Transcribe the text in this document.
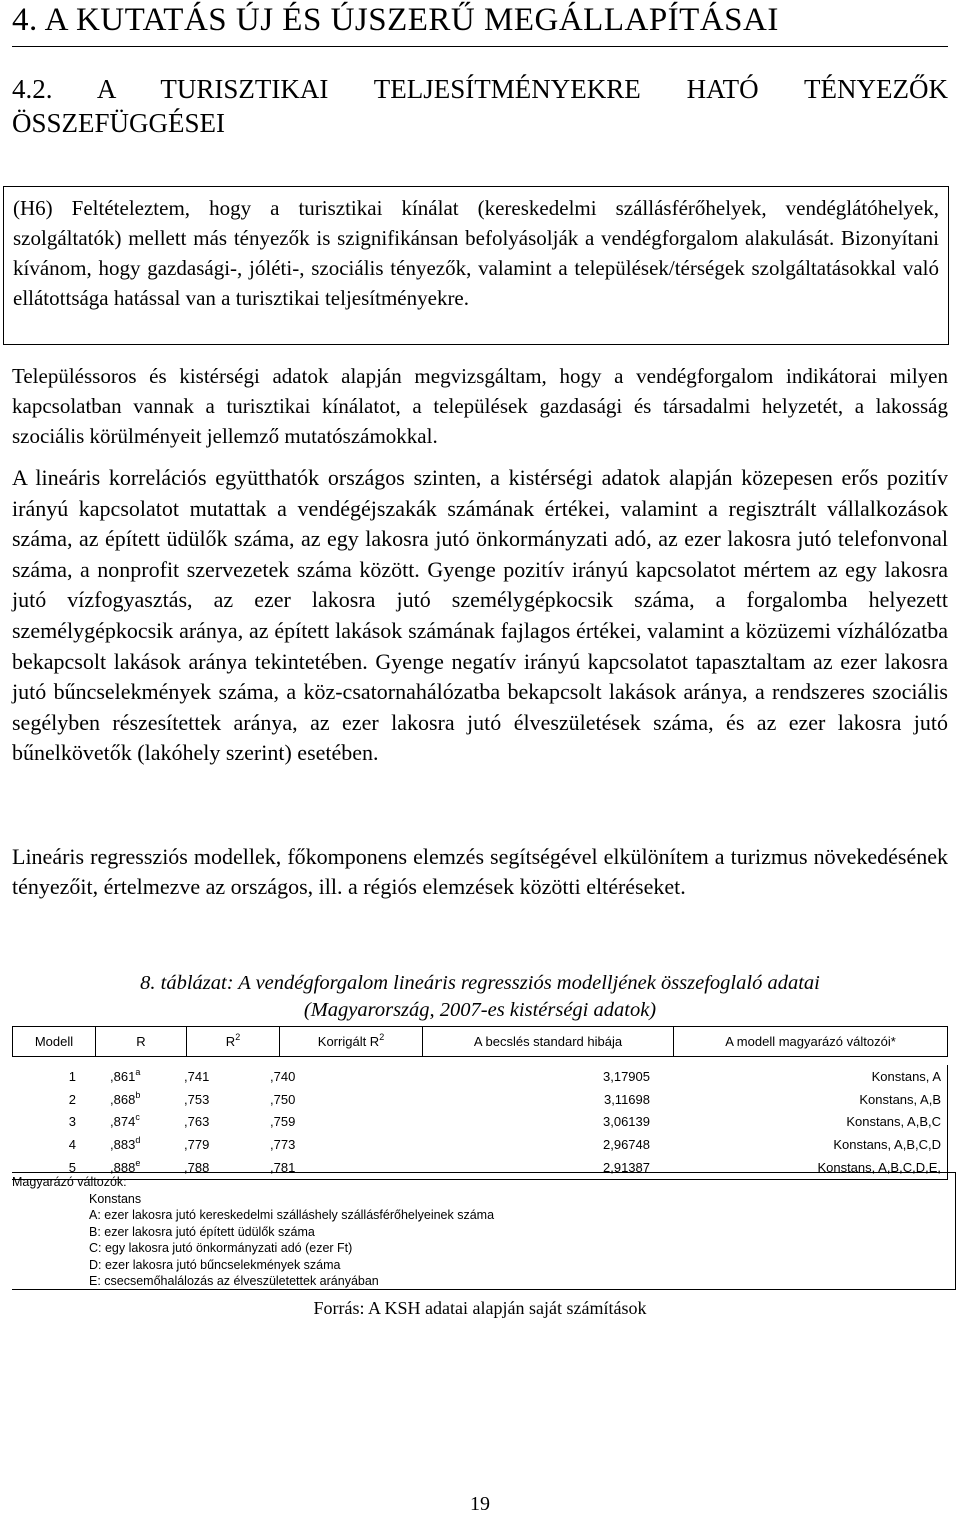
4. A KUTATÁS ÚJ ÉS ÚJSZERŰ MEGÁLLAPÍTÁSAI
4.2. A TURISZTIKAI TELJESÍTMÉNYEKRE HATÓ TÉNYEZŐK ÖSSZEFÜGGÉSEI

(H6) Feltételeztem, hogy a turisztikai kínálat (kereskedelmi szállásférőhelyek, vendéglátóhelyek, szolgáltatók) mellett más tényezők is szignifikánsan befolyásolják a vendégforgalom alakulását. Bizonyítani kívánom, hogy gazdasági-, jóléti-, szociális tényezők, valamint a települések/térségek szolgáltatásokkal való ellátottsága hatással van a turisztikai teljesítményekre.

Településsoros és kistérségi adatok alapján megvizsgáltam, hogy a vendégforgalom indikátorai milyen kapcsolatban vannak a turisztikai kínálatot, a települések gazdasági és társadalmi helyzetét, a lakosság szociális körülményeit jellemző mutatószámokkal.

A lineáris korrelációs együtthatók országos szinten, a kistérségi adatok alapján közepesen erős pozitív irányú kapcsolatot mutattak a vendégéjszakák számának értékei, valamint a regisztrált vállalkozások száma, az épített üdülők száma, az egy lakosra jutó önkormányzati adó, az ezer lakosra jutó telefonvonal száma, a nonprofit szervezetek száma között. Gyenge pozitív irányú kapcsolatot mértem az egy lakosra jutó vízfogyasztás, az ezer lakosra jutó személygépkocsik száma, a forgalomba helyezett személygépkocsik aránya, az épített lakások számának fajlagos értékei, valamint a közüzemi vízhálózatba bekapcsolt lakások aránya tekintetében. Gyenge negatív irányú kapcsolatot tapasztaltam az ezer lakosra jutó bűncselekmények száma, a köz-csatornahálózatba bekapcsolt lakások aránya, a rendszeres szociális segélyben részesítettek aránya, az ezer lakosra jutó élveszületések száma, és az ezer lakosra jutó bűnelkövetők (lakóhely szerint) esetében.

Lineáris regressziós modellek, főkomponens elemzés segítségével elkülönítem a turizmus növekedésének tényezőit, értelmezve az országos, ill. a régiós elemzések közötti eltéréseket.

8. táblázat: A vendégforgalom lineáris regressziós modelljének összefoglaló adatai
(Magyarország, 2007-es kistérségi adatok)
Modell	R	$R^2$	Korrigált $R^2$	A becslés standard hibája	A modell magyarázó változói*
1	,861$^a$	,741	,740	3,17905	Konstans, A
2	,868$^b$	,753	,750	3,11698	Konstans, A,B
3	,874$^c$	,763	,759	3,06139	Konstans, A,B,C
4	,883$^d$	,779	,773	2,96748	Konstans, A,B,C,D
5	,888e	,788	,781	2,91387	Konstans, A,B,C,D,E,
Magyarázó változók:
Konstans
A: ezer lakosra jutó kereskedelmi szálláshely szállásférőhelyeinek száma
B: ezer lakosra jutó épített üdülők száma
C: egy lakosra jutó önkormányzati adó (ezer Ft)
D: ezer lakosra jutó bűncselekmények száma
E: csecsemőhalálozás az élveszületettek arányában
Forrás: A KSH adatai alapján saját számítások
19
